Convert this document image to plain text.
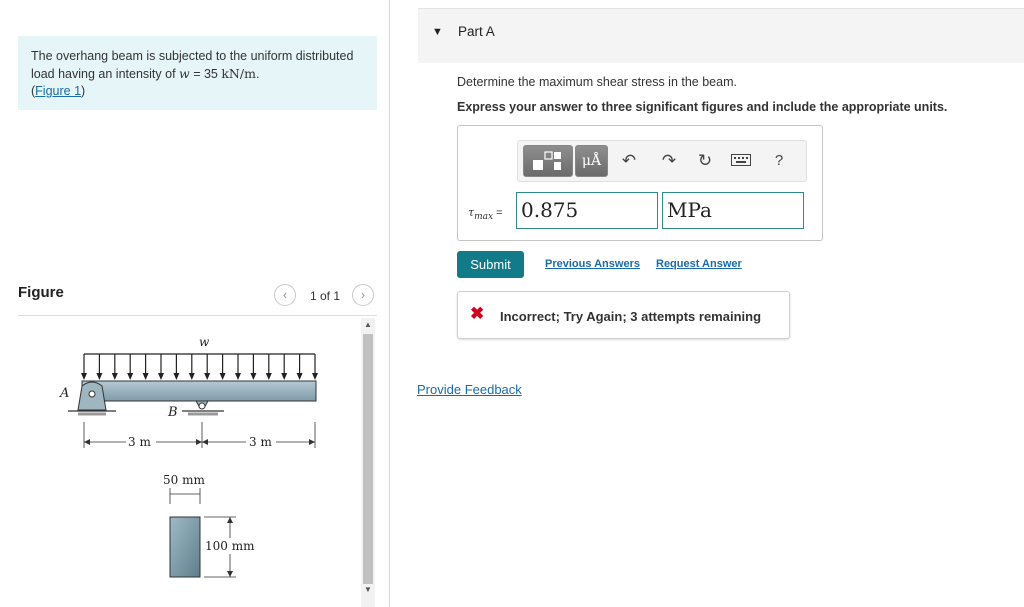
The overhang beam is subjected to the uniform distributed load having an intensity of w = 35 kN/m.
(Figure 1)
Figure	‹	1 of 1	›
w
A
B
3 m	3 m
50 mm
100 mm
▲
▼
▼ Part A
Determine the maximum shear stress in the beam.
Express your answer to three significant figures and include the appropriate units.
μÅ	↶ ↷ ↻	?
$\tau_{max} = 0.875$	MPa
Submit	Previous Answers Request Answer
✖ Incorrect; Try Again; 3 attempts remaining
Provide Feedback
